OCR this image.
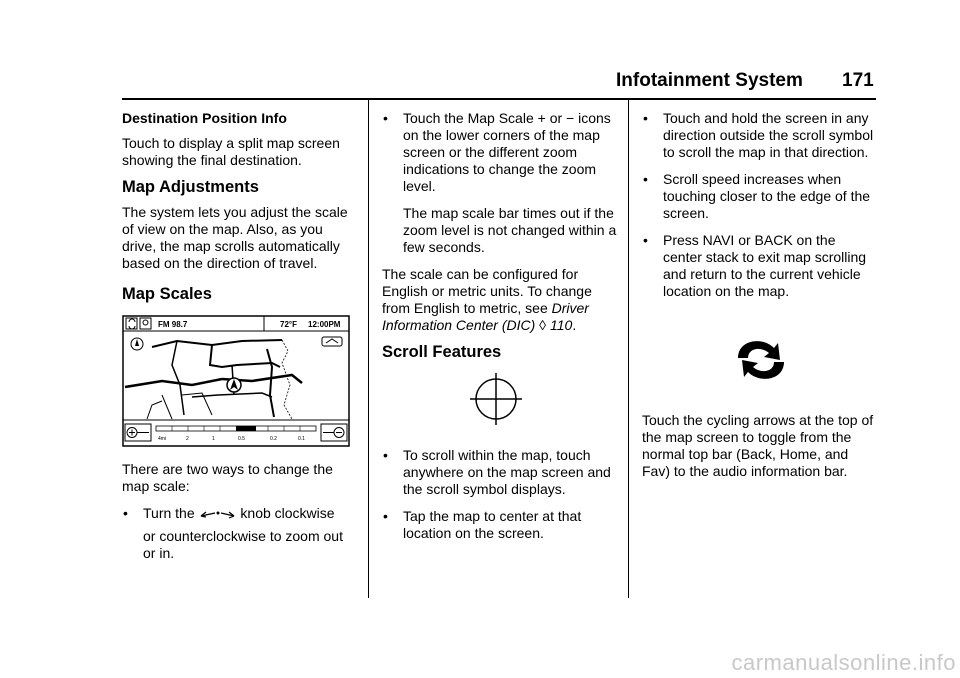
Infotainment System 171
Destination Position Info

Touch to display a split map screen showing the final destination.

Map Adjustments

The system lets you adjust the scale of view on the map. Also, as you drive, the map scrolls automatically based on the direction of travel.

Map Scales
FM 98.7	72°F 12:00PM
4mi	2	1	0.5	0.2	0.1

There are two ways to change the map scale:

• Turn the	knob clockwise
or counterclockwise to zoom out or in.
• Touch the Map Scale + or − icons on the lower corners of the map screen or the different zoom indications to change the zoom level.

The map scale bar times out if the zoom level is not changed within a few seconds.

The scale can be configured for English or metric units. To change from English to metric, see Driver Information Center (DIC) ◊ 110.

Scroll Features
• To scroll within the map, touch anywhere on the map screen and the scroll symbol displays.
• Tap the map to center at that location on the screen.
• Touch and hold the screen in any direction outside the scroll symbol to scroll the map in that direction.
• Scroll speed increases when touching closer to the edge of the screen.
• Press NAVI or BACK on the center stack to exit map scrolling and return to the current vehicle location on the map.

Touch the cycling arrows at the top of the map screen to toggle from the normal top bar (Back, Home, and Fav) to the audio information bar.

carmanualsonline.info
